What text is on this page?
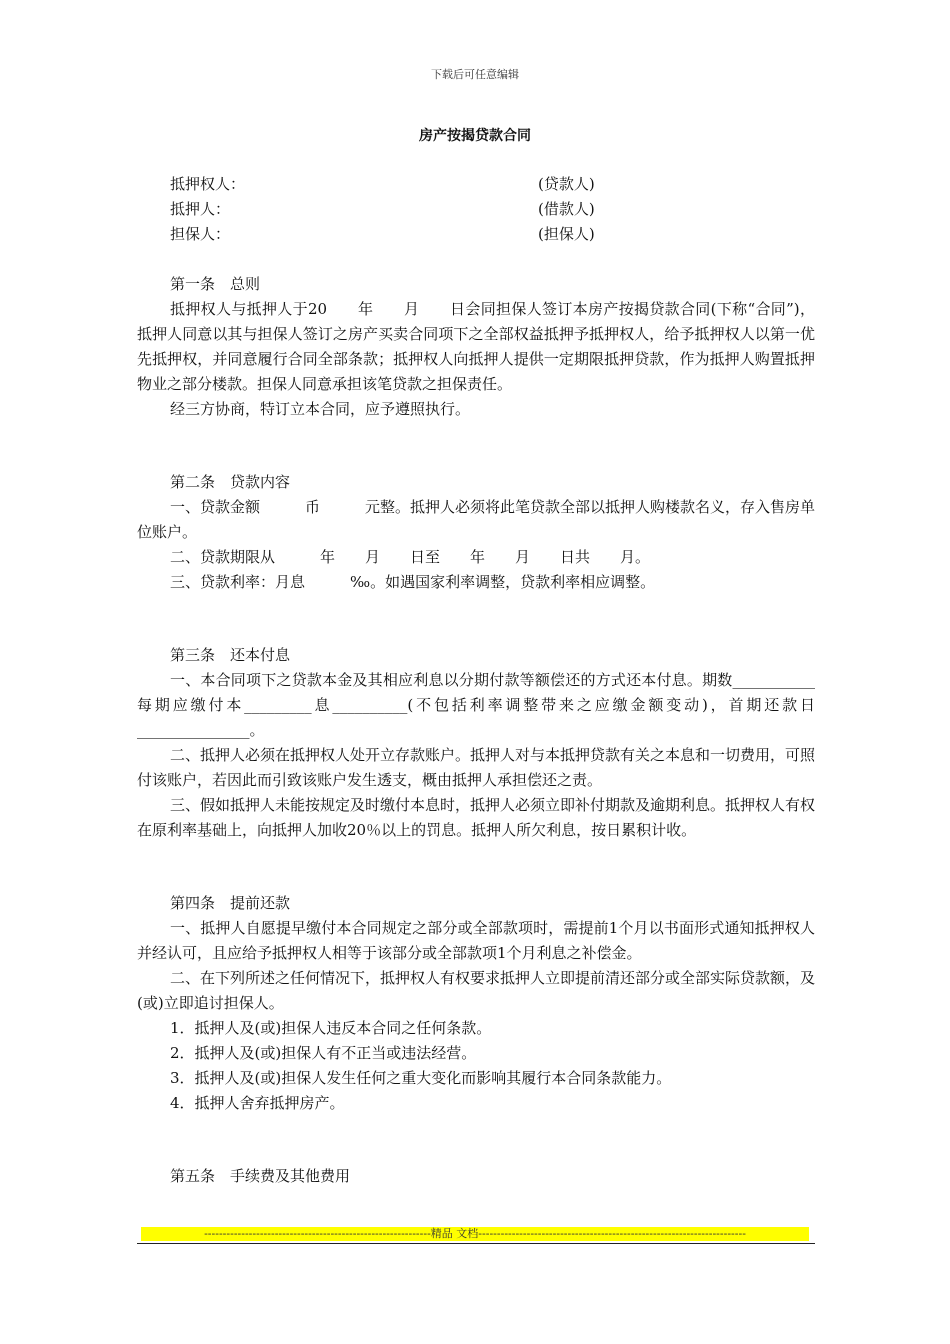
下载后可任意编辑
房产按揭贷款合同
抵押权人：	(贷款人)
抵押人：	(借款人)
担保人：	(担保人)
第一条　总则
抵押权人与抵押人于20　　年　　月　　日会同担保人签订本房产按揭贷款合同(下称“合同”)，抵押人同意以其与担保人签订之房产买卖合同项下之全部权益抵押予抵押权人，给予抵押权人以第一优先抵押权，并同意履行合同全部条款；抵押权人向抵押人提供一定期限抵押贷款，作为抵押人购置抵押物业之部分楼款。担保人同意承担该笔贷款之担保责任。
经三方协商，特订立本合同，应予遵照执行。
第二条　贷款内容
一、贷款金额　　　币　　　元整。抵押人必须将此笔贷款全部以抵押人购楼款名义，存入售房单位账户。
二、贷款期限从　　　年　　月　　日至　　年　　月　　日共　　月。
三、贷款利率：月息　　　‰。如遇国家利率调整，贷款利率相应调整。
第三条　还本付息
一、本合同项下之贷款本金及其相应利息以分期付款等额偿还的方式还本付息。期数___________每期应缴付本_________息__________(不包括利率调整带来之应缴金额变动)，首期还款日_______________。
二、抵押人必须在抵押权人处开立存款账户。抵押人对与本抵押贷款有关之本息和一切费用，可照付该账户，若因此而引致该账户发生透支，概由抵押人承担偿还之责。
三、假如抵押人未能按规定及时缴付本息时，抵押人必须立即补付期款及逾期利息。抵押权人有权在原利率基础上，向抵押人加收20％以上的罚息。抵押人所欠利息，按日累积计收。
第四条　提前还款
一、抵押人自愿提早缴付本合同规定之部分或全部款项时，需提前1个月以书面形式通知抵押权人并经认可，且应给予抵押权人相等于该部分或全部款项1个月利息之补偿金。
二、在下列所述之任何情况下，抵押权人有权要求抵押人立即提前清还部分或全部实际贷款额，及(或)立即追讨担保人。
1．抵押人及(或)担保人违反本合同之任何条款。
2．抵押人及(或)担保人有不正当或违法经营。
3．抵押人及(或)担保人发生任何之重大变化而影响其履行本合同条款能力。
4．抵押人舍弃抵押房产。
第五条　手续费及其他费用
-------------------------------------------------------------精品 文档------------------------------------------------------------------------
